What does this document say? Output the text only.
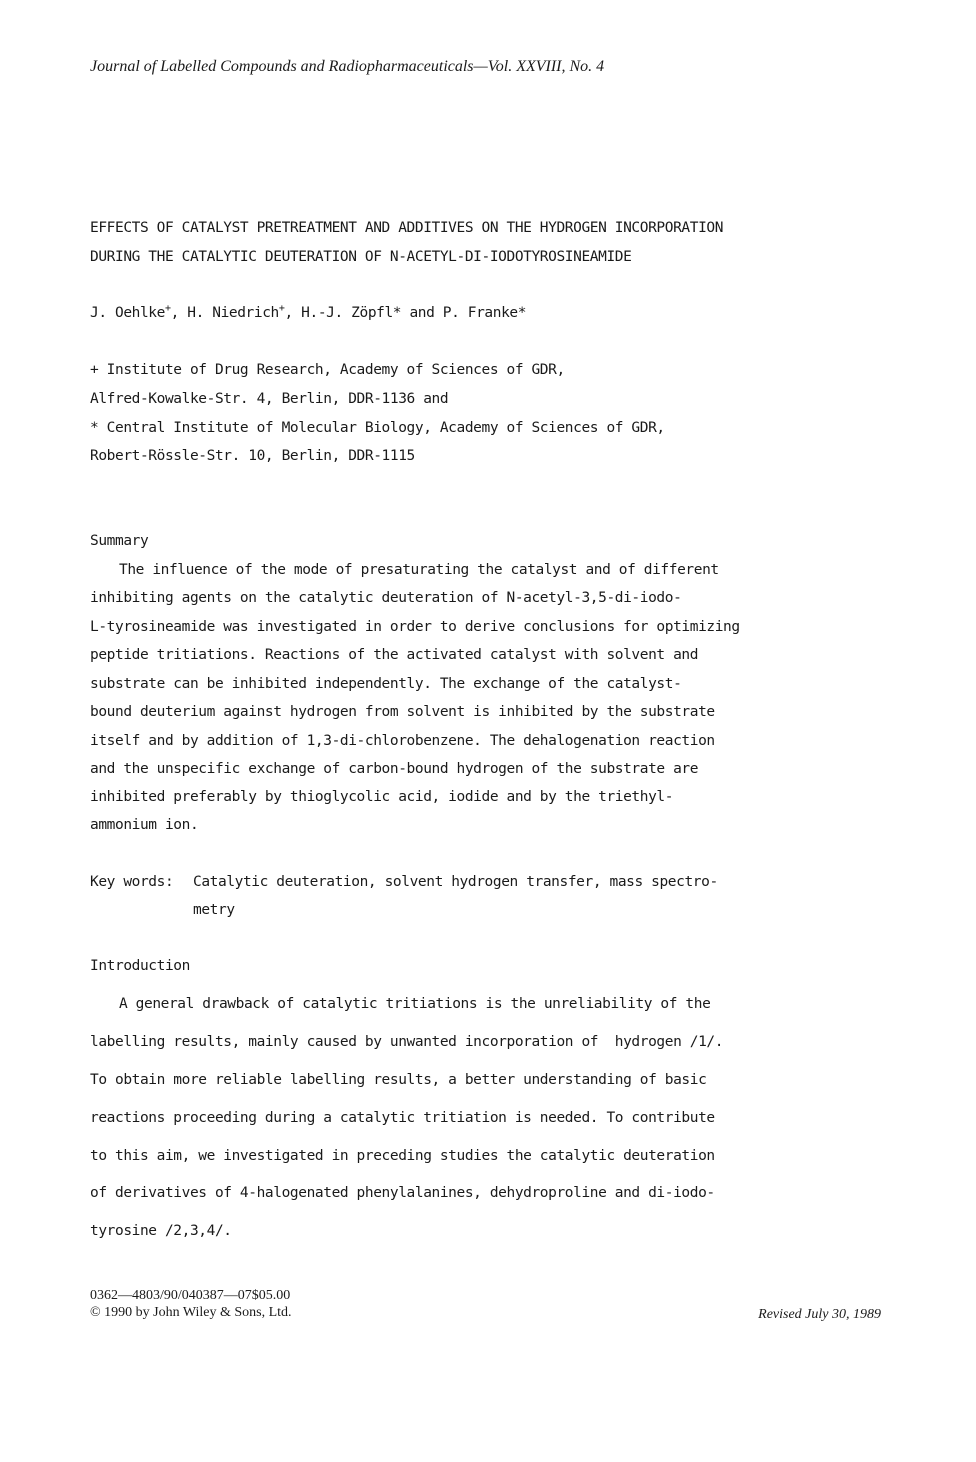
Journal of Labelled Compounds and Radiopharmaceuticals—Vol. XXVIII, No. 4
EFFECTS OF CATALYST PRETREATMENT AND ADDITIVES ON THE HYDROGEN INCORPORATION
DURING THE CATALYTIC DEUTERATION OF N-ACETYL-DI-IODOTYROSINEAMIDE
J. Oehlke+, H. Niedrich+, H.-J. Zöpfl* and P. Franke*
+ Institute of Drug Research, Academy of Sciences of GDR,
Alfred-Kowalke-Str. 4, Berlin, DDR-1136 and
* Central Institute of Molecular Biology, Academy of Sciences of GDR,
Robert-Rössle-Str. 10, Berlin, DDR-1115
Summary
The influence of the mode of presaturating the catalyst and of different
inhibiting agents on the catalytic deuteration of N-acetyl-3,5-di-iodo-
L-tyrosineamide was investigated in order to derive conclusions for optimizing
peptide tritiations. Reactions of the activated catalyst with solvent and
substrate can be inhibited independently. The exchange of the catalyst-
bound deuterium against hydrogen from solvent is inhibited by the substrate
itself and by addition of 1,3-di-chlorobenzene. The dehalogenation reaction
and the unspecific exchange of carbon-bound hydrogen of the substrate are
inhibited preferably by thioglycolic acid, iodide and by the triethyl-
ammonium ion.
Key words: Catalytic deuteration, solvent hydrogen transfer, mass spectro-
metry
Introduction
A general drawback of catalytic tritiations is the unreliability of the
labelling results, mainly caused by unwanted incorporation of  hydrogen /1/.
To obtain more reliable labelling results, a better understanding of basic
reactions proceeding during a catalytic tritiation is needed. To contribute
to this aim, we investigated in preceding studies the catalytic deuteration
of derivatives of 4-halogenated phenylalanines, dehydroproline and di-iodo-
tyrosine /2,3,4/.
0362—4803/90/040387—07$05.00
© 1990 by John Wiley & Sons, Ltd.	Revised July 30, 1989
